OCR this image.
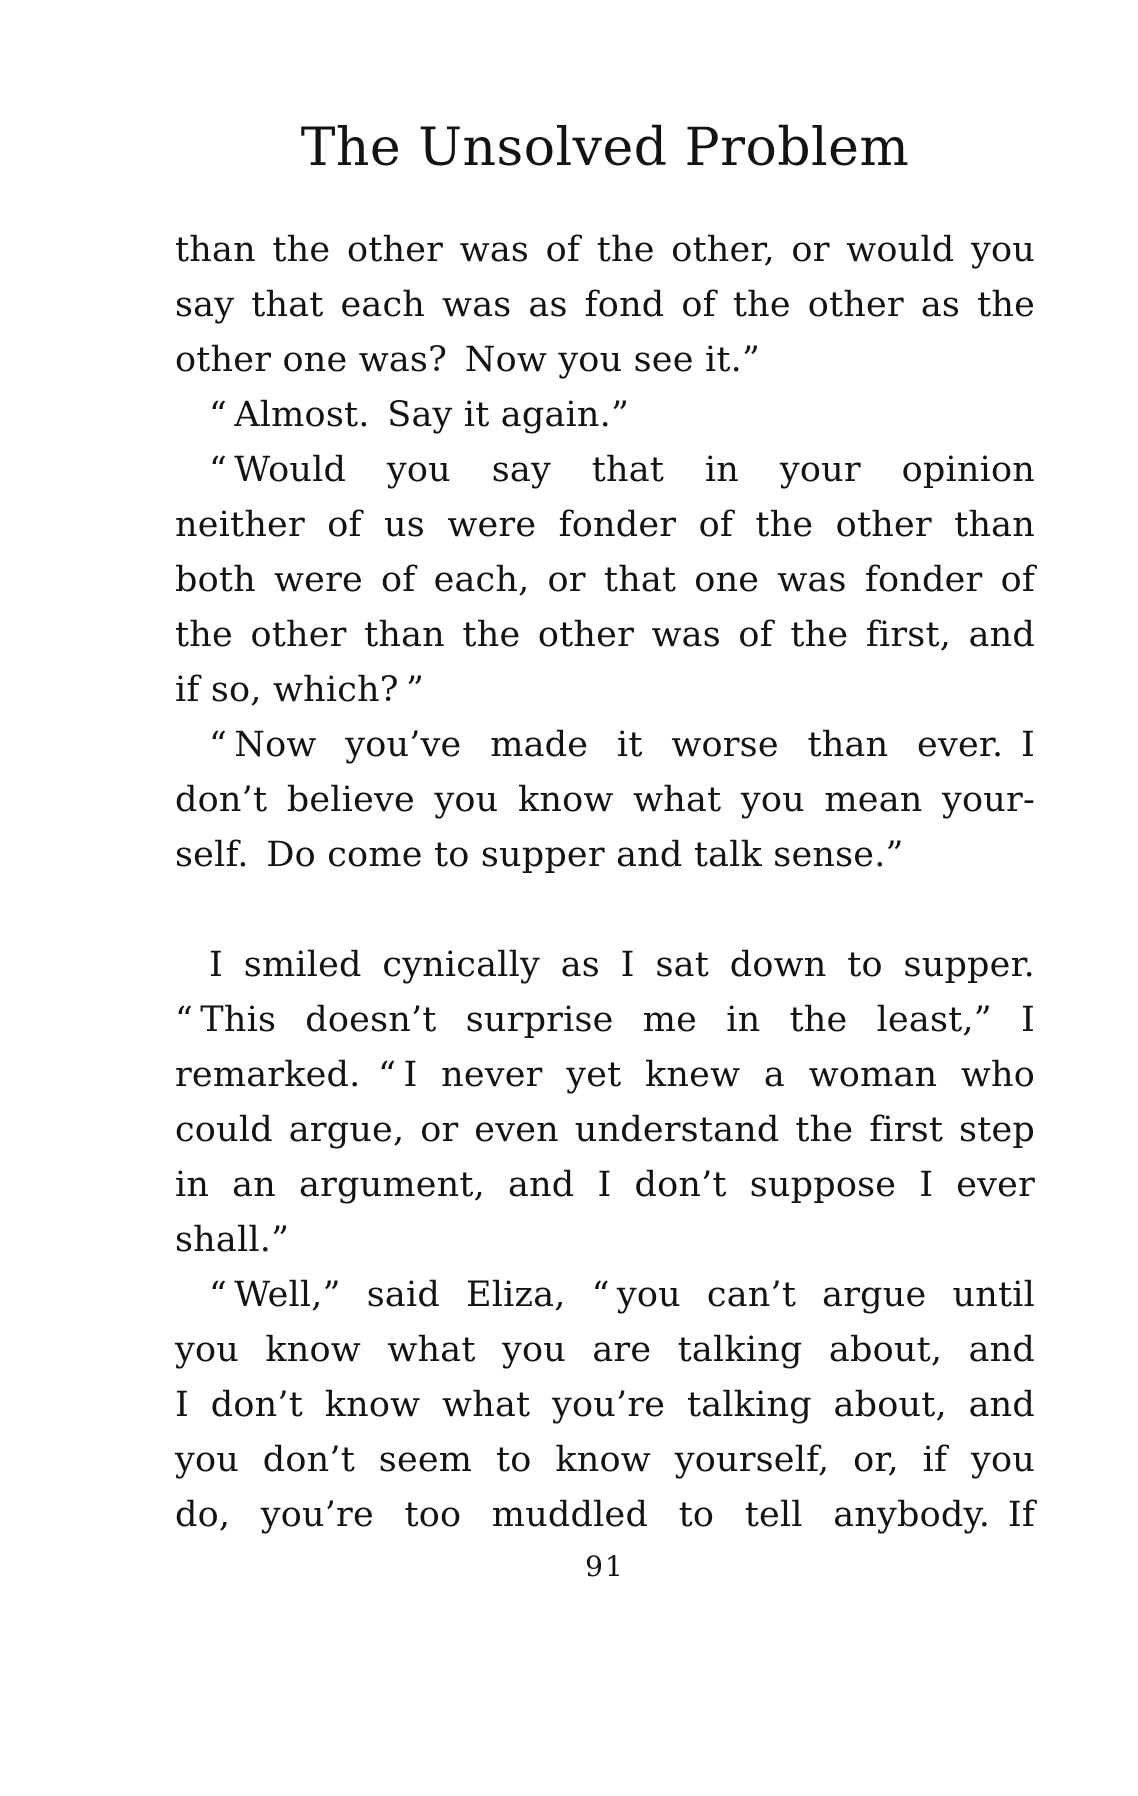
The Unsolved Problem
than the other was of the other, or would you
say that each was as fond of the other as the
other one was? Now you see it.”
“ Almost. Say it again.”
“ Would you say that in your opinion
neither of us were fonder of the other than
both were of each, or that one was fonder of
the other than the other was of the first, and
if so, which? ”
“ Now you’ve made it worse than ever. I
don’t believe you know what you mean your-
self. Do come to supper and talk sense.”
I smiled cynically as I sat down to supper.
“ This doesn’t surprise me in the least,” I
remarked. “ I never yet knew a woman who
could argue, or even understand the first step
in an argument, and I don’t suppose I ever
shall.”
“ Well,” said Eliza, “ you can’t argue until
you know what you are talking about, and
I don’t know what you’re talking about, and
you don’t seem to know yourself, or, if you
do, you’re too muddled to tell anybody. If
91
